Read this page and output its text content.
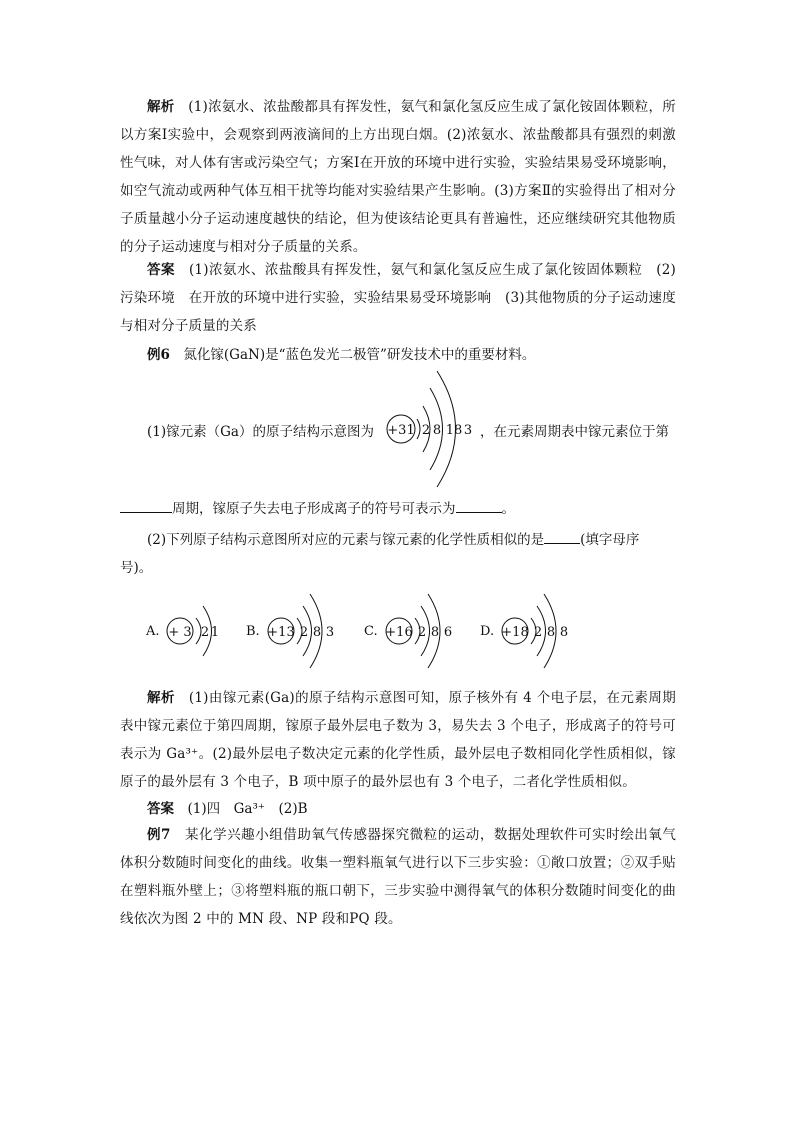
解析　 (1)浓氨水、浓盐酸都具有挥发性，氨气和氯化氢反应生成了氯化铵固体颗粒，所以方案Ⅰ实验中，会观察到两液滴间的上方出现白烟。(2)浓氨水、浓盐酸都具有强烈的刺激性气味，对人体有害或污染空气；方案Ⅰ在开放的环境中进行实验，实验结果易受环境影响，如空气流动或两种气体互相干扰等均能对实验结果产生影响。(3)方案Ⅱ的实验得出了相对分子质量越小分子运动速度越快的结论，但为使该结论更具有普遍性，还应继续研究其他物质的分子运动速度与相对分子质量的关系。
答案　 (1)浓氨水、浓盐酸具有挥发性，氨气和氯化氢反应生成了氯化铵固体颗粒　(2)污染环境　在开放的环境中进行实验，实验结果易受环境影响　(3)其他物质的分子运动速度与相对分子质量的关系
例6　 氮化镓(GaN)是“蓝色发光二极管”研发技术中的重要材料。
(1)镓元素（Ga）的原子结构示意图为 +31 2 8 18 3 ，在元素周期表中镓元素位于第
周期，镓原子失去电子形成离子的符号可表示为	。
(2)下列原子结构示意图所对应的元素与镓元素的化学性质相似的是	(填字母序
号)。
A. + 3 2 1 B. +13 2 8 3 C. +16 2 8 6 D. +18 2 8 8
解析　 (1)由镓元素(Ga)的原子结构示意图可知，原子核外有 4 个电子层，在元素周期表中镓元素位于第四周期，镓原子最外层电子数为 3，易失去 3 个电子，形成离子的符号可表示为 Ga³⁺。(2)最外层电子数决定元素的化学性质，最外层电子数相同化学性质相似，镓原子的最外层有 3 个电子，B 项中原子的最外层也有 3 个电子，二者化学性质相似。
答案　 (1)四　Ga³⁺　(2)B
例7　 某化学兴趣小组借助氧气传感器探究微粒的运动，数据处理软件可实时绘出氧气体积分数随时间变化的曲线。收集一塑料瓶氧气进行以下三步实验：①敞口放置；②双手贴在塑料瓶外壁上；③将塑料瓶的瓶口朝下，三步实验中测得氧气的体积分数随时间变化的曲线依次为图 2 中的 MN 段、NP 段和PQ 段。
